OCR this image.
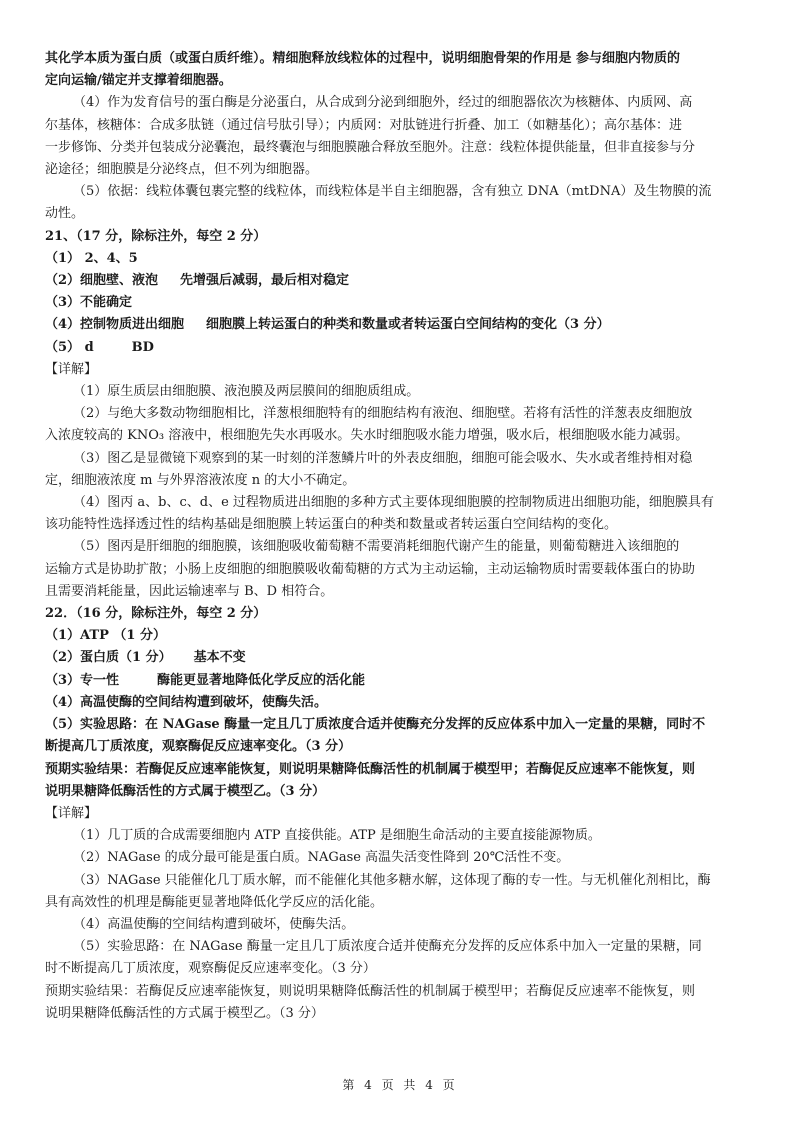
其化学本质为蛋白质（或蛋白质纤维）。精细胞释放线粒体的过程中，说明细胞骨架的作用是 参与细胞内物质的
定向运输/锚定并支撑着细胞器。
（4）作为发育信号的蛋白酶是分泌蛋白，从合成到分泌到细胞外，经过的细胞器依次为核糖体、内质网、高
尔基体，核糖体：合成多肽链（通过信号肽引导）；内质网：对肽链进行折叠、加工（如糖基化）；高尔基体：进
一步修饰、分类并包装成分泌囊泡，最终囊泡与细胞膜融合释放至胞外。注意：线粒体提供能量，但非直接参与分
泌途径；细胞膜是分泌终点，但不列为细胞器。
（5）依据：线粒体囊包裹完整的线粒体，而线粒体是半自主细胞器，含有独立 DNA（mtDNA）及生物膜的流
动性。
21、（17 分，除标注外，每空 2 分）
（1） 2、4、5
（2）细胞壁、液泡 先增强后减弱，最后相对稳定
（3）不能确定
（4）控制物质进出细胞 细胞膜上转运蛋白的种类和数量或者转运蛋白空间结构的变化（3 分）
（5） d	BD
【详解】
（1）原生质层由细胞膜、液泡膜及两层膜间的细胞质组成。
（2）与绝大多数动物细胞相比，洋葱根细胞特有的细胞结构有液泡、细胞壁。若将有活性的洋葱表皮细胞放
入浓度较高的 KNO₃ 溶液中，根细胞先失水再吸水。失水时细胞吸水能力增强，吸水后，根细胞吸水能力减弱。
（3）图乙是显微镜下观察到的某一时刻的洋葱鳞片叶的外表皮细胞，细胞可能会吸水、失水或者维持相对稳
定，细胞液浓度 m 与外界溶液浓度 n 的大小不确定。
（4）图丙 a、b、c、d、e 过程物质进出细胞的多种方式主要体现细胞膜的控制物质进出细胞功能，细胞膜具有
该功能特性选择透过性的结构基础是细胞膜上转运蛋白的种类和数量或者转运蛋白空间结构的变化。
（5）图丙是肝细胞的细胞膜，该细胞吸收葡萄糖不需要消耗细胞代谢产生的能量，则葡萄糖进入该细胞的
运输方式是协助扩散；小肠上皮细胞的细胞膜吸收葡萄糖的方式为主动运输，主动运输物质时需要载体蛋白的协助
且需要消耗能量，因此运输速率与 B、D 相符合。
22．（16 分，除标注外，每空 2 分）
（1）ATP （1 分）
（2）蛋白质（1 分） 基本不变
（3）专一性	酶能更显著地降低化学反应的活化能
（4）高温使酶的空间结构遭到破坏，使酶失活。
（5）实验思路：在 NAGase 酶量一定且几丁质浓度合适并使酶充分发挥的反应体系中加入一定量的果糖，同时不
断提高几丁质浓度，观察酶促反应速率变化。（3 分）
预期实验结果：若酶促反应速率能恢复，则说明果糖降低酶活性的机制属于模型甲；若酶促反应速率不能恢复，则
说明果糖降低酶活性的方式属于模型乙。（3 分）
【详解】
（1）几丁质的合成需要细胞内 ATP 直接供能。ATP 是细胞生命活动的主要直接能源物质。
（2）NAGase 的成分最可能是蛋白质。NAGase 高温失活变性降到 20℃活性不变。
（3）NAGase 只能催化几丁质水解，而不能催化其他多糖水解，这体现了酶的专一性。与无机催化剂相比，酶
具有高效性的机理是酶能更显著地降低化学反应的活化能。
（4）高温使酶的空间结构遭到破坏，使酶失活。
（5）实验思路：在 NAGase 酶量一定且几丁质浓度合适并使酶充分发挥的反应体系中加入一定量的果糖，同
时不断提高几丁质浓度，观察酶促反应速率变化。（3 分）
预期实验结果：若酶促反应速率能恢复，则说明果糖降低酶活性的机制属于模型甲；若酶促反应速率不能恢复，则
说明果糖降低酶活性的方式属于模型乙。（3 分）
第 4 页 共 4 页
